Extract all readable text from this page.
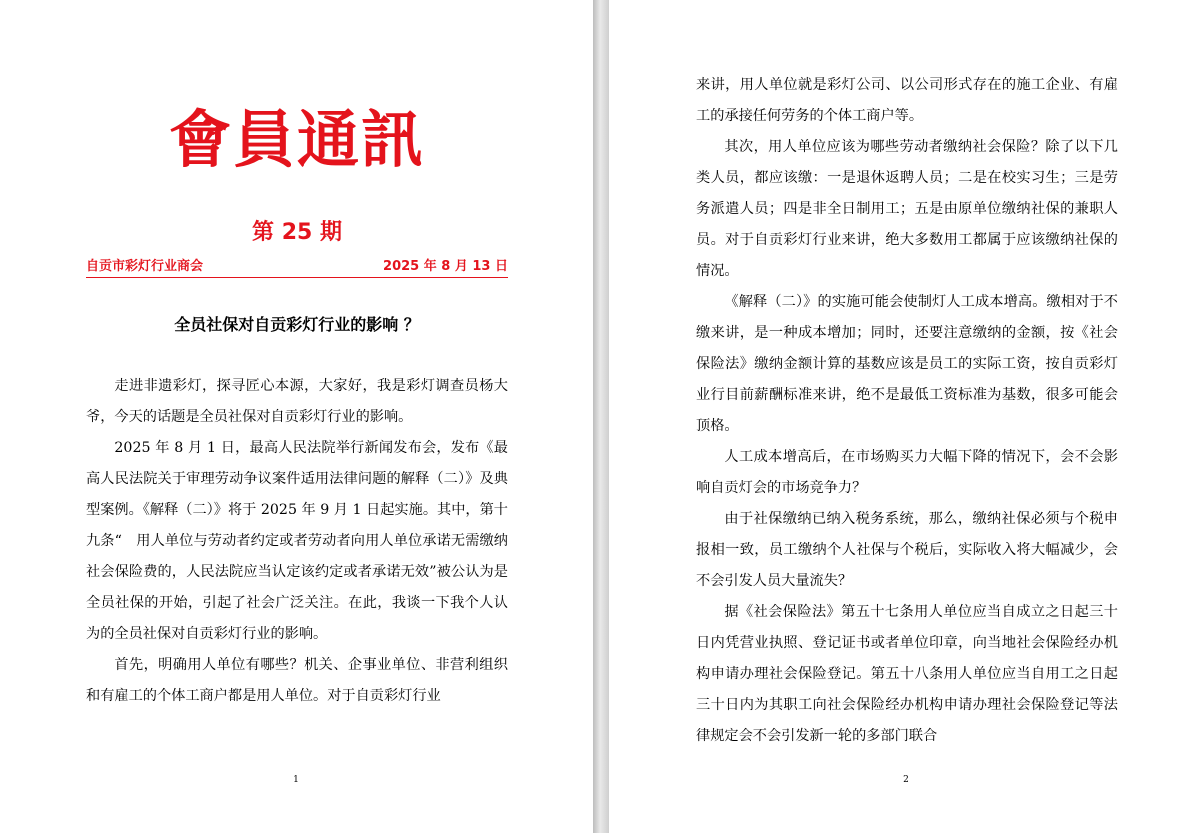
會員通訊
第 25 期
自贡市彩灯行业商会	2025 年 8 月 13 日
全员社保对自贡彩灯行业的影响 ？

走进非遗彩灯，探寻匠心本源，大家好，我是彩灯调查员杨大爷，今天的话题是全员社保对自贡彩灯行业的影响。

2025 年 8 月 1 日，最高人民法院举行新闻发布会，发布《最高人民法院关于审理劳动争议案件适用法律问题的解释（二）》及典型案例。《解释（二）》将于 2025 年 9 月 1 日起实施。其中，第十九条“　用人单位与劳动者约定或者劳动者向用人单位承诺无需缴纳社会保险费的，人民法院应当认定该约定或者承诺无效”被公认为是全员社保的开始，引起了社会广泛关注。在此，我谈一下我个人认为的全员社保对自贡彩灯行业的影响。

首先，明确用人单位有哪些？机关、企事业单位、非营利组织和有雇工的个体工商户都是用人单位。对于自贡彩灯行业

1

来讲，用人单位就是彩灯公司、以公司形式存在的施工企业、有雇工的承接任何劳务的个体工商户等。

其次，用人单位应该为哪些劳动者缴纳社会保险？除了以下几类人员，都应该缴：一是退休返聘人员；二是在校实习生；三是劳务派遣人员；四是非全日制用工；五是由原单位缴纳社保的兼职人员。对于自贡彩灯行业来讲，绝大多数用工都属于应该缴纳社保的情况。

《解释（二）》的实施可能会使制灯人工成本增高。缴相对于不缴来讲，是一种成本增加；同时，还要注意缴纳的金额，按《社会保险法》缴纳金额计算的基数应该是员工的实际工资，按自贡彩灯业行目前薪酬标准来讲，绝不是最低工资标准为基数，很多可能会顶格。

人工成本增高后，在市场购买力大幅下降的情况下，会不会影响自贡灯会的市场竞争力？

由于社保缴纳已纳入税务系统，那么，缴纳社保必须与个税申报相一致，员工缴纳个人社保与个税后，实际收入将大幅减少，会不会引发人员大量流失？

据《社会保险法》第五十七条用人单位应当自成立之日起三十日内凭营业执照、登记证书或者单位印章，向当地社会保险经办机构申请办理社会保险登记。第五十八条用人单位应当自用工之日起三十日内为其职工向社会保险经办机构申请办理社会保险登记等法律规定会不会引发新一轮的多部门联合

2
